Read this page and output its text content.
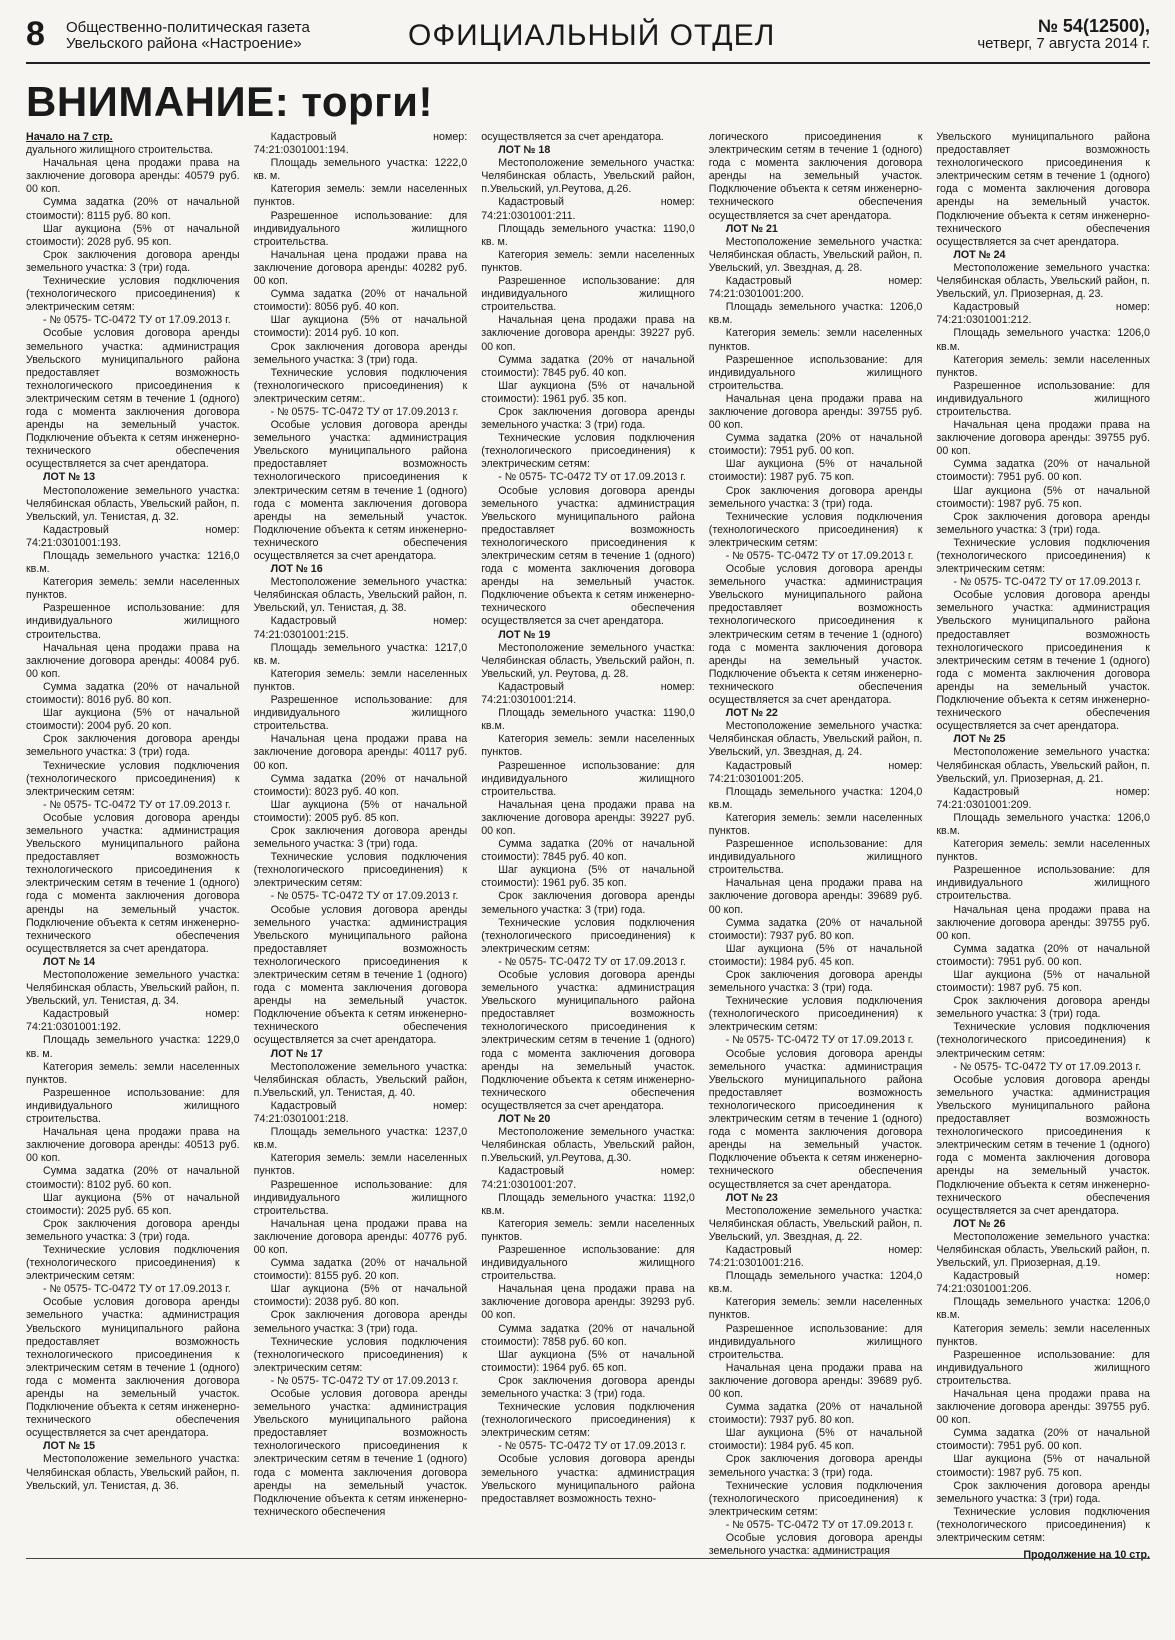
8 Общественно-политическая газета
Увельского района «Настроение»	ОФИЦИАЛЬНЫЙ ОТДЕЛ	№ 54(12500),
четверг, 7 августа 2014 г.
ВНИМАНИЕ: торги!

Начало на 7 стр.

дуального жилищного строительства.

Начальная цена продажи права на заключение договора аренды: 40579 руб. 00 коп.

Сумма задатка (20% от начальной стоимости): 8115 руб. 80 коп.

Шаг аукциона (5% от начальной стоимости): 2028 руб. 95 коп.

Срок заключения договора аренды земельного участка: 3 (три) года.

Технические условия подключения (технологического присоединения) к электрическим сетям:

- № 0575- ТС-0472 ТУ от 17.09.2013 г.

Особые условия договора аренды земельного участка: администрация Увельского муниципального района предоставляет возможность технологического присоединения к электрическим сетям в течение 1 (одного) года с момента заключения договора аренды на земельный участок. Подключение объекта к сетям инженерно-технического обеспечения осуществляется за счет арендатора.

ЛОТ № 13

Местоположение земельного участка: Челябинская область, Увельский район, п. Увельский, ул. Тенистая, д. 32.

Кадастровый номер: 74:21:0301001:193.

Площадь земельного участка: 1216,0 кв.м.

Категория земель: земли населенных пунктов.

Разрешенное использование: для индивидуального жилищного строительства.

Начальная цена продажи права на заключение договора аренды: 40084 руб. 00 коп.

Сумма задатка (20% от начальной стоимости): 8016 руб. 80 коп.

Шаг аукциона (5% от начальной стоимости): 2004 руб. 20 коп.

Срок заключения договора аренды земельного участка: 3 (три) года.

Технические условия подключения (технологического присоединения) к электрическим сетям:

- № 0575- ТС-0472 ТУ от 17.09.2013 г.

Особые условия договора аренды земельного участка: администрация Увельского муниципального района предоставляет возможность технологического присоединения к электрическим сетям в течение 1 (одного) года с момента заключения договора аренды на земельный участок. Подключение объекта к сетям инженерно-технического обеспечения осуществляется за счет арендатора.

ЛОТ № 14

Местоположение земельного участка: Челябинская область, Увельский район, п. Увельский, ул. Тенистая, д. 34.

Кадастровый номер: 74:21:0301001:192.

Площадь земельного участка: 1229,0 кв. м.

Категория земель: земли населенных пунктов.

Разрешенное использование: для индивидуального жилищного строительства.

Начальная цена продажи права на заключение договора аренды: 40513 руб. 00 коп.

Сумма задатка (20% от начальной стоимости): 8102 руб. 60 коп.

Шаг аукциона (5% от начальной стоимости): 2025 руб. 65 коп.

Срок заключения договора аренды земельного участка: 3 (три) года.

Технические условия подключения (технологического присоединения) к электрическим сетям:

- № 0575- ТС-0472 ТУ от 17.09.2013 г.

Особые условия договора аренды земельного участка: администрация Увельского муниципального района предоставляет возможность технологического присоединения к электрическим сетям в течение 1 (одного) года с момента заключения договора аренды на земельный участок. Подключение объекта к сетям инженерно-технического обеспечения осуществляется за счет арендатора.

ЛОТ № 15

Местоположение земельного участка: Челябинская область, Увельский район, п. Увельский, ул. Тенистая, д. 36.

Кадастровый номер: 74:21:0301001:194.

Площадь земельного участка: 1222,0 кв. м.

Категория земель: земли населенных пунктов.

Разрешенное использование: для индивидуального жилищного строительства.

Начальная цена продажи права на заключение договора аренды: 40282 руб. 00 коп.

Сумма задатка (20% от начальной стоимости): 8056 руб. 40 коп.

Шаг аукциона (5% от начальной стоимости): 2014 руб. 10 коп.

Срок заключения договора аренды земельного участка: 3 (три) года.

Технические условия подключения (технологического присоединения) к электрическим сетям:.

- № 0575- ТС-0472 ТУ от 17.09.2013 г.

Особые условия договора аренды земельного участка: администрация Увельского муниципального района предоставляет возможность технологического присоединения к электрическим сетям в течение 1 (одного) года с момента заключения договора аренды на земельный участок. Подключение объекта к сетям инженерно-технического обеспечения осуществляется за счет арендатора.

ЛОТ № 16

Местоположение земельного участка: Челябинская область, Увельский район, п. Увельский, ул. Тенистая, д. 38.

Кадастровый номер: 74:21:0301001:215.

Площадь земельного участка: 1217,0 кв. м.

Категория земель: земли населенных пунктов.

Разрешенное использование: для индивидуального жилищного строительства.

Начальная цена продажи права на заключение договора аренды: 40117 руб. 00 коп.

Сумма задатка (20% от начальной стоимости): 8023 руб. 40 коп.

Шаг аукциона (5% от начальной стоимости): 2005 руб. 85 коп.

Срок заключения договора аренды земельного участка: 3 (три) года.

Технические условия подключения (технологического присоединения) к электрическим сетям:

- № 0575- ТС-0472 ТУ от 17.09.2013 г.

Особые условия договора аренды земельного участка: администрация Увельского муниципального района предоставляет возможность технологического присоединения к электрическим сетям в течение 1 (одного) года с момента заключения договора аренды на земельный участок. Подключение объекта к сетям инженерно-технического обеспечения осуществляется за счет арендатора.

ЛОТ № 17

Местоположение земельного участка: Челябинская область, Увельский район, п.Увельский, ул. Тенистая, д. 40.

Кадастровый номер: 74:21:0301001:218.

Площадь земельного участка: 1237,0 кв.м.

Категория земель: земли населенных пунктов.

Разрешенное использование: для индивидуального жилищного строительства.

Начальная цена продажи права на заключение договора аренды: 40776 руб. 00 коп.

Сумма задатка (20% от начальной стоимости): 8155 руб. 20 коп.

Шаг аукциона (5% от начальной стоимости): 2038 руб. 80 коп.

Срок заключения договора аренды земельного участка: 3 (три) года.

Технические условия подключения (технологического присоединения) к электрическим сетям:

- № 0575- ТС-0472 ТУ от 17.09.2013 г.

Особые условия договора аренды земельного участка: администрация Увельского муниципального района предоставляет возможность технологического присоединения к электрическим сетям в течение 1 (одного) года с момента заключения договора аренды на земельный участок. Подключение объекта к сетям инженерно-технического обеспечения

осуществляется за счет арендатора.

ЛОТ № 18

Местоположение земельного участка: Челябинская область, Увельский район, п.Увельский, ул.Реутова, д.26.

Кадастровый номер: 74:21:0301001:211.

Площадь земельного участка: 1190,0 кв. м.

Категория земель: земли населенных пунктов.

Разрешенное использование: для индивидуального жилищного строительства.

Начальная цена продажи права на заключение договора аренды: 39227 руб. 00 коп.

Сумма задатка (20% от начальной стоимости): 7845 руб. 40 коп.

Шаг аукциона (5% от начальной стоимости): 1961 руб. 35 коп.

Срок заключения договора аренды земельного участка: 3 (три) года.

Технические условия подключения (технологического присоединения) к электрическим сетям:

- № 0575- ТС-0472 ТУ от 17.09.2013 г.

Особые условия договора аренды земельного участка: администрация Увельского муниципального района предоставляет возможность технологического присоединения к электрическим сетям в течение 1 (одного) года с момента заключения договора аренды на земельный участок. Подключение объекта к сетям инженерно-технического обеспечения осуществляется за счет арендатора.

ЛОТ № 19

Местоположение земельного участка: Челябинская область, Увельский район, п. Увельский, ул. Реутова, д. 28.

Кадастровый номер: 74:21:0301001:214.

Площадь земельного участка: 1190,0 кв.м.

Категория земель: земли населенных пунктов.

Разрешенное использование: для индивидуального жилищного строительства.

Начальная цена продажи права на заключение договора аренды: 39227 руб. 00 коп.

Сумма задатка (20% от начальной стоимости): 7845 руб. 40 коп.

Шаг аукциона (5% от начальной стоимости): 1961 руб. 35 коп.

Срок заключения договора аренды земельного участка: 3 (три) года.

Технические условия подключения (технологического присоединения) к электрическим сетям:

- № 0575- ТС-0472 ТУ от 17.09.2013 г.

Особые условия договора аренды земельного участка: администрация Увельского муниципального района предоставляет возможность технологического присоединения к электрическим сетям в течение 1 (одного) года с момента заключения договора аренды на земельный участок. Подключение объекта к сетям инженерно-технического обеспечения осуществляется за счет арендатора.

ЛОТ № 20

Местоположение земельного участка: Челябинская область, Увельский район, п.Увельский, ул.Реутова, д.30.

Кадастровый номер: 74:21:0301001:207.

Площадь земельного участка: 1192,0 кв.м.

Категория земель: земли населенных пунктов.

Разрешенное использование: для индивидуального жилищного строительства.

Начальная цена продажи права на заключение договора аренды: 39293 руб. 00 коп.

Сумма задатка (20% от начальной стоимости): 7858 руб. 60 коп.

Шаг аукциона (5% от начальной стоимости): 1964 руб. 65 коп.

Срок заключения договора аренды земельного участка: 3 (три) года.

Технические условия подключения (технологического присоединения) к электрическим сетям:

- № 0575- ТС-0472 ТУ от 17.09.2013 г.

Особые условия договора аренды земельного участка: администрация Увельского муниципального района предоставляет возможность техно-

логического присоединения к электрическим сетям в течение 1 (одного) года с момента заключения договора аренды на земельный участок. Подключение объекта к сетям инженерно-технического обеспечения осуществляется за счет арендатора.

ЛОТ № 21

Местоположение земельного участка: Челябинская область, Увельский район, п. Увельский, ул. Звездная, д. 28.

Кадастровый номер: 74:21:0301001:200.

Площадь земельного участка: 1206,0 кв.м.

Категория земель: земли населенных пунктов.

Разрешенное использование: для индивидуального жилищного строительства.

Начальная цена продажи права на заключение договора аренды: 39755 руб. 00 коп.

Сумма задатка (20% от начальной стоимости): 7951 руб. 00 коп.

Шаг аукциона (5% от начальной стоимости): 1987 руб. 75 коп.

Срок заключения договора аренды земельного участка: 3 (три) года.

Технические условия подключения (технологического присоединения) к электрическим сетям:

- № 0575- ТС-0472 ТУ от 17.09.2013 г.

Особые условия договора аренды земельного участка: администрация Увельского муниципального района предоставляет возможность технологического присоединения к электрическим сетям в течение 1 (одного) года с момента заключения договора аренды на земельный участок. Подключение объекта к сетям инженерно-технического обеспечения осуществляется за счет арендатора.

ЛОТ № 22

Местоположение земельного участка: Челябинская область, Увельский район, п. Увельский, ул. Звездная, д. 24.

Кадастровый номер: 74:21:0301001:205.

Площадь земельного участка: 1204,0 кв.м.

Категория земель: земли населенных пунктов.

Разрешенное использование: для индивидуального жилищного строительства.

Начальная цена продажи права на заключение договора аренды: 39689 руб. 00 коп.

Сумма задатка (20% от начальной стоимости): 7937 руб. 80 коп.

Шаг аукциона (5% от начальной стоимости): 1984 руб. 45 коп.

Срок заключения договора аренды земельного участка: 3 (три) года.

Технические условия подключения (технологического присоединения) к электрическим сетям:

- № 0575- ТС-0472 ТУ от 17.09.2013 г.

Особые условия договора аренды земельного участка: администрация Увельского муниципального района предоставляет возможность технологического присоединения к электрическим сетям в течение 1 (одного) года с момента заключения договора аренды на земельный участок. Подключение объекта к сетям инженерно-технического обеспечения осуществляется за счет арендатора.

ЛОТ № 23

Местоположение земельного участка: Челябинская область, Увельский район, п. Увельский, ул. Звездная, д. 22.

Кадастровый номер: 74:21:0301001:216.

Площадь земельного участка: 1204,0 кв.м.

Категория земель: земли населенных пунктов.

Разрешенное использование: для индивидуального жилищного строительства.

Начальная цена продажи права на заключение договора аренды: 39689 руб. 00 коп.

Сумма задатка (20% от начальной стоимости): 7937 руб. 80 коп.

Шаг аукциона (5% от начальной стоимости): 1984 руб. 45 коп.

Срок заключения договора аренды земельного участка: 3 (три) года.

Технические условия подключения (технологического присоединения) к электрическим сетям:

- № 0575- ТС-0472 ТУ от 17.09.2013 г.

Особые условия договора аренды земельного участка: администрация

Увельского муниципального района предоставляет возможность технологического присоединения к электрическим сетям в течение 1 (одного) года с момента заключения договора аренды на земельный участок. Подключение объекта к сетям инженерно-технического обеспечения осуществляется за счет арендатора.

ЛОТ № 24

Местоположение земельного участка: Челябинская область, Увельский район, п. Увельский, ул. Приозерная, д. 23.

Кадастровый номер: 74:21:0301001:212.

Площадь земельного участка: 1206,0 кв.м.

Категория земель: земли населенных пунктов.

Разрешенное использование: для индивидуального жилищного строительства.

Начальная цена продажи права на заключение договора аренды: 39755 руб. 00 коп.

Сумма задатка (20% от начальной стоимости): 7951 руб. 00 коп.

Шаг аукциона (5% от начальной стоимости): 1987 руб. 75 коп.

Срок заключения договора аренды земельного участка: 3 (три) года.

Технические условия подключения (технологического присоединения) к электрическим сетям:

- № 0575- ТС-0472 ТУ от 17.09.2013 г.

Особые условия договора аренды земельного участка: администрация Увельского муниципального района предоставляет возможность технологического присоединения к электрическим сетям в течение 1 (одного) года с момента заключения договора аренды на земельный участок. Подключение объекта к сетям инженерно-технического обеспечения осуществляется за счет арендатора.

ЛОТ № 25

Местоположение земельного участка: Челябинская область, Увельский район, п. Увельский, ул. Приозерная, д. 21.

Кадастровый номер: 74:21:0301001:209.

Площадь земельного участка: 1206,0 кв.м.

Категория земель: земли населенных пунктов.

Разрешенное использование: для индивидуального жилищного строительства.

Начальная цена продажи права на заключение договора аренды: 39755 руб. 00 коп.

Сумма задатка (20% от начальной стоимости): 7951 руб. 00 коп.

Шаг аукциона (5% от начальной стоимости): 1987 руб. 75 коп.

Срок заключения договора аренды земельного участка: 3 (три) года.

Технические условия подключения (технологического присоединения) к электрическим сетям:

- № 0575- ТС-0472 ТУ от 17.09.2013 г.

Особые условия договора аренды земельного участка: администрация Увельского муниципального района предоставляет возможность технологического присоединения к электрическим сетям в течение 1 (одного) года с момента заключения договора аренды на земельный участок. Подключение объекта к сетям инженерно-технического обеспечения осуществляется за счет арендатора.

ЛОТ № 26

Местоположение земельного участка: Челябинская область, Увельский район, п. Увельский, ул. Приозерная, д.19.

Кадастровый номер: 74:21:0301001:206.

Площадь земельного участка: 1206,0 кв.м.

Категория земель: земли населенных пунктов.

Разрешенное использование: для индивидуального жилищного строительства.

Начальная цена продажи права на заключение договора аренды: 39755 руб. 00 коп.

Сумма задатка (20% от начальной стоимости): 7951 руб. 00 коп.

Шаг аукциона (5% от начальной стоимости): 1987 руб. 75 коп.

Срок заключения договора аренды земельного участка: 3 (три) года.

Технические условия подключения (технологического присоединения) к электрическим сетям:

Продолжение на 10 стр.
